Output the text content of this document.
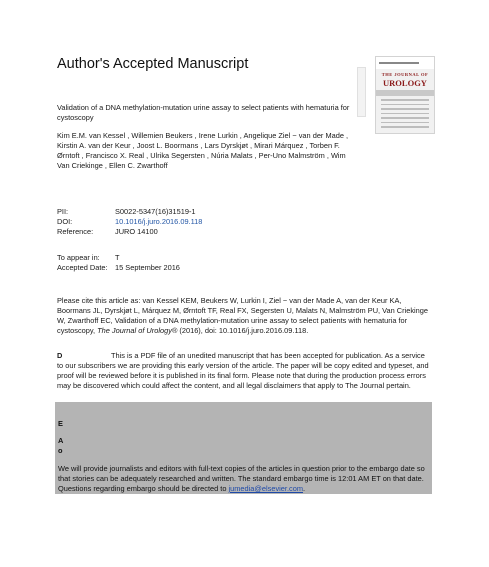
Author's Accepted Manuscript
THE JOURNAL OF
UROLOGY
Validation of a DNA methylation-mutation urine assay to select patients with hematuria for cystoscopy
Kim E.M. van Kessel , Willemien Beukers , Irene Lurkin , Angelique Ziel − van der Made , Kirstin A. van der Keur , Joost L. Boormans , Lars Dyrskjøt , Mirari Márquez , Torben F. Ørntoft , Francisco X. Real , Ulrika Segersten , Núria Malats , Per-Uno Malmström , Wim Van Criekinge , Ellen C. Zwarthoff
PII:	S0022-5347(16)31519-1
DOI:	10.1016/j.juro.2016.09.118
Reference:	JURO 14100
To appear in:	T
Accepted Date:	15 September 2016
Please cite this article as: van Kessel KEM, Beukers W, Lurkin I, Ziel − van der Made A, van der Keur KA, Boormans JL, Dyrskjøt L, Márquez M, Ørntoft TF, Real FX, Segersten U, Malats N, Malmström PU, Van Criekinge W, Zwarthoff EC, Validation of a DNA methylation-mutation urine assay to select patients with hematuria for cystoscopy, The Journal of Urology® (2016), doi: 10.1016/j.juro.2016.09.118.
D	This is a PDF file of an unedited manuscript that has been accepted for publication. As a service to our subscribers we are providing this early version of the article. The paper will be copy edited and typeset, and proof will be reviewed before it is published in its final form. Please note that during the production process errors may be discovered which could affect the content, and all legal disclaimers that apply to The Journal pertain.
E
A
o
We will provide journalists and editors with full-text copies of the articles in question prior to the embargo date so that stories can be adequately researched and written. The standard embargo time is 12:01 AM ET on that date. Questions regarding embargo should be directed to jumedia@elsevier.com.
